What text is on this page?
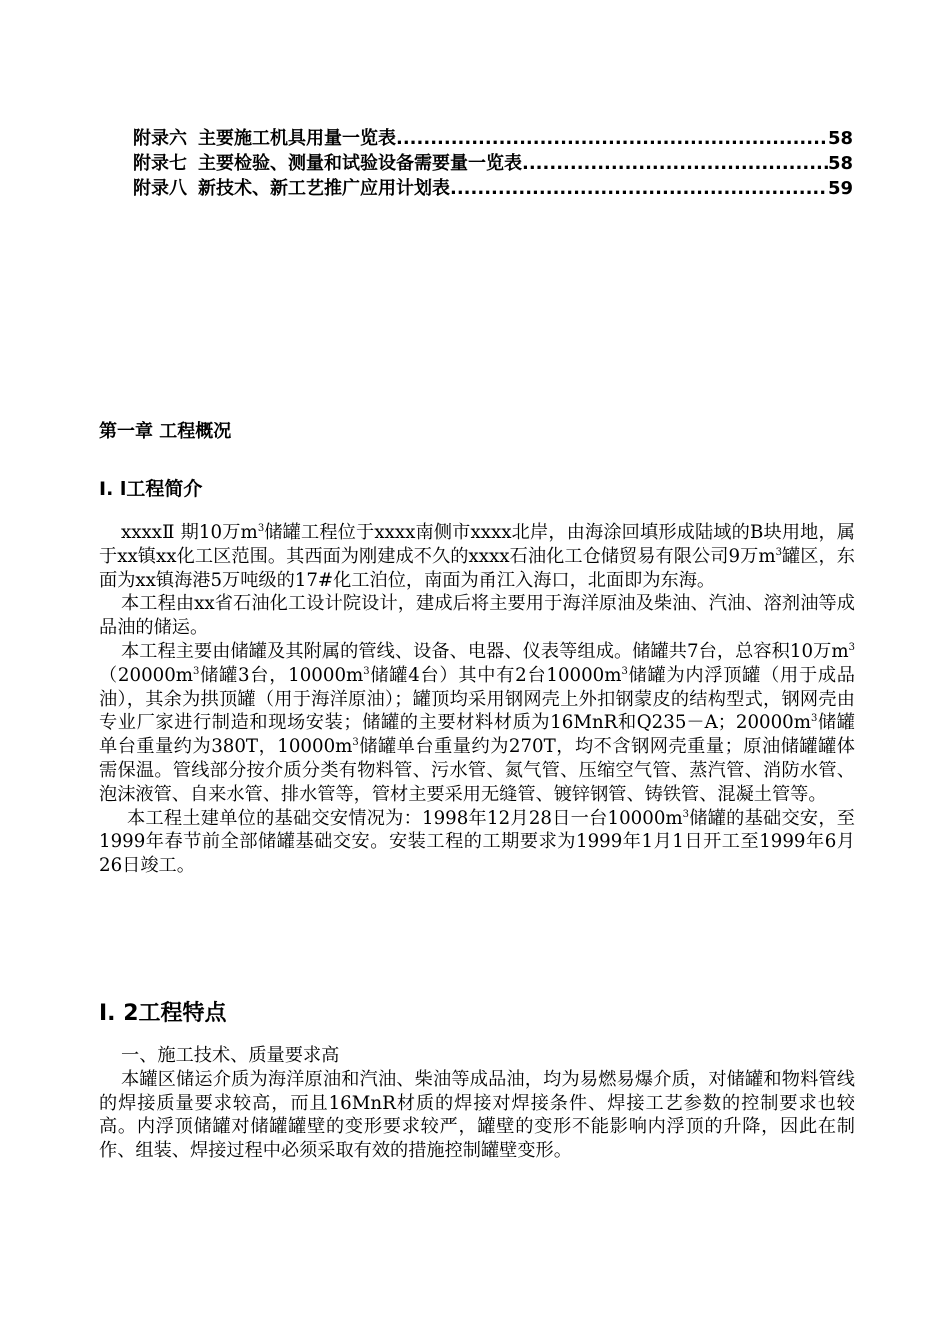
附录六 主要施工机具用量一览表 .....	58
附录七 主要检验、测量和试验设备需要量一览表 .....	58
附录八 新技术、新工艺推广应用计划表 .....	59
第一章 工程概况
I. l工程简介

xxxxⅡ 期10万$m^3$储罐工程位于xxxx南侧市xxxx北岸，由海涂回填形成陆域的B块用地，属于xx镇xx化工区范围。其西面为刚建成不久的xxxx石油化工仓储贸易有限公司9万$m^3$罐区，东面为xx镇海港5万吨级的17#化工泊位，南面为甬江入海口，北面即为东海。

本工程由xx省石油化工设计院设计，建成后将主要用于海洋原油及柴油、汽油、溶剂油等成品油的储运。

本工程主要由储罐及其附属的管线、设备、电器、仪表等组成。储罐共7台，总容积10万$m^3(20000m^3$储罐3台，$10000m^3$储罐4台）其中有2台$10000m^3$储罐为内浮顶罐（用于成品油），其余为拱顶罐（用于海洋原油）；罐顶均采用钢网壳上外扣钢蒙皮的结构型式，钢网壳由专业厂家进行制造和现场安装；储罐的主要材料材质为16MnR和Q235－A；$20000m^3$储罐单台重量约为380T，$10000m^3$储罐单台重量约为270T，均不含钢网壳重量；原油储罐罐体需保温。管线部分按介质分类有物料管、污水管、氮气管、压缩空气管、蒸汽管、消防水管、泡沫液管、自来水管、排水管等，管材主要采用无缝管、镀锌钢管、铸铁管、混凝土管等。

本工程土建单位的基础交安情况为：1998年12月28日一台$10000m^3$储罐的基础交安，至1999年春节前全部储罐基础交安。安装工程的工期要求为1999年1月1日开工至1999年6月26日竣工。

I. 2工程特点

一、施工技术、质量要求高

本罐区储运介质为海洋原油和汽油、柴油等成品油，均为易燃易爆介质，对储罐和物料管线的焊接质量要求较高，而且16MnR材质的焊接对焊接条件、焊接工艺参数的控制要求也较高。内浮顶储罐对储罐罐壁的变形要求较严，罐壁的变形不能影响内浮顶的升降，因此在制作、组装、焊接过程中必须采取有效的措施控制罐壁变形。
